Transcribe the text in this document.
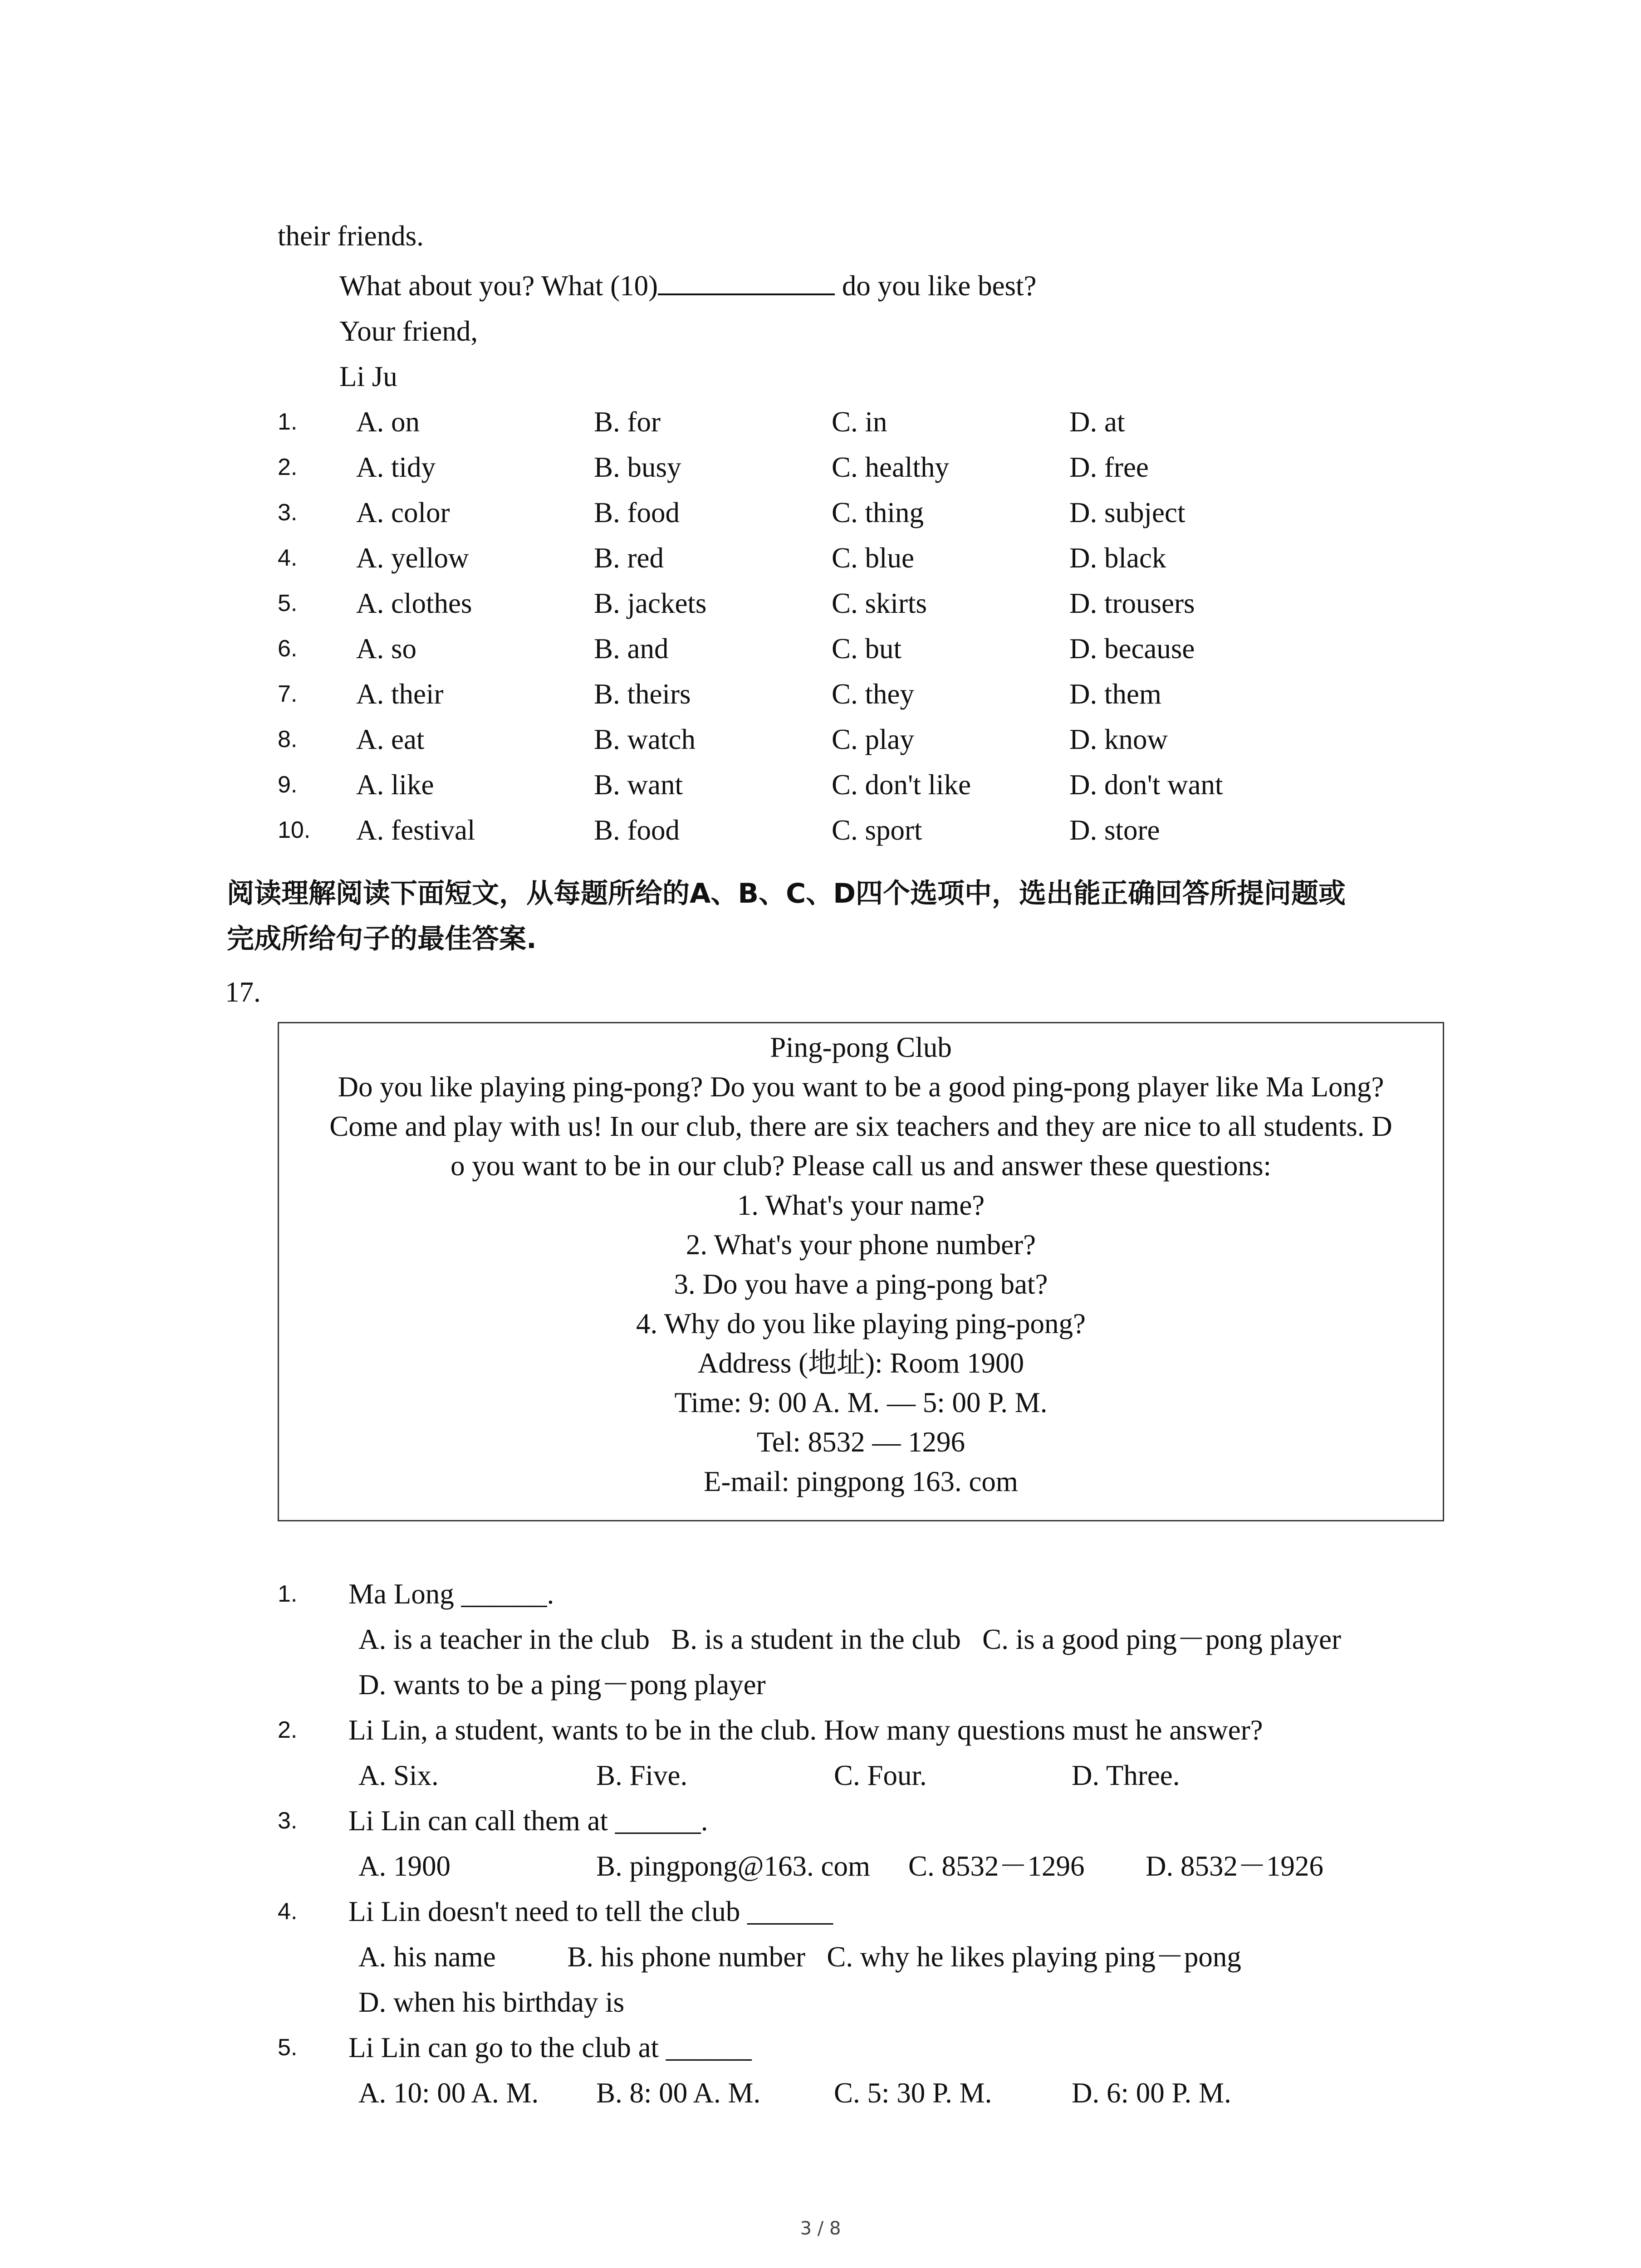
their friends.
What about you? What (10)	do you like best?
Your friend,
Li Ju
1. A. on	B. for	C. in	D. at
2. A. tidy	B. busy	C. healthy	D. free
3. A. color	B. food	C. thing	D. subject
4. A. yellow	B. red	C. blue	D. black
5. A. clothes	B. jackets	C. skirts	D. trousers
6. A. so	B. and	C. but	D. because
7. A. their	B. theirs	C. they	D. them
8. A. eat	B. watch	C. play	D. know
9. A. like	B. want	C. don't like	D. don't want
10. A. festival	B. food	C. sport	D. store
阅读理解阅读下面短文，从每题所给的A、B、C、D四个选项中，选出能正确回答所提问题或
完成所给句子的最佳答案.
17.
Ping-pong Club
Do you like playing ping-pong? Do you want to be a good ping-pong player like Ma Long?
Come and play with us! In our club, there are six teachers and they are nice to all students. D
o you want to be in our club? Please call us and answer these questions:
1. What's your name?
2. What's your phone number?
3. Do you have a ping-pong bat?
4. Why do you like playing ping-pong?
Address (地址): Room 1900
Time: 9: 00 A. M. — 5: 00 P. M.
Tel: 8532 — 1296
E-mail: pingpong 163. com
1. Ma Long ______.
A. is a teacher in the club   B. is a student in the club   C. is a good ping－pong player
D. wants to be a ping－pong player
2. Li Lin, a student, wants to be in the club. How many questions must he answer?
A. Six.	B. Five.	C. Four.	D. Three.
3. Li Lin can call them at ______.
A. 1900	B. pingpong@163. com C. 8532－1296 D. 8532－1926
4. Li Lin doesn't need to tell the club ______
A. his name          B. his phone number   C. why he likes playing ping－pong
D. when his birthday is
5. Li Lin can go to the club at ______
A. 10: 00 A. M. B. 8: 00 A. M.	C. 5: 30 P. M.	D. 6: 00 P. M.
3 / 8
